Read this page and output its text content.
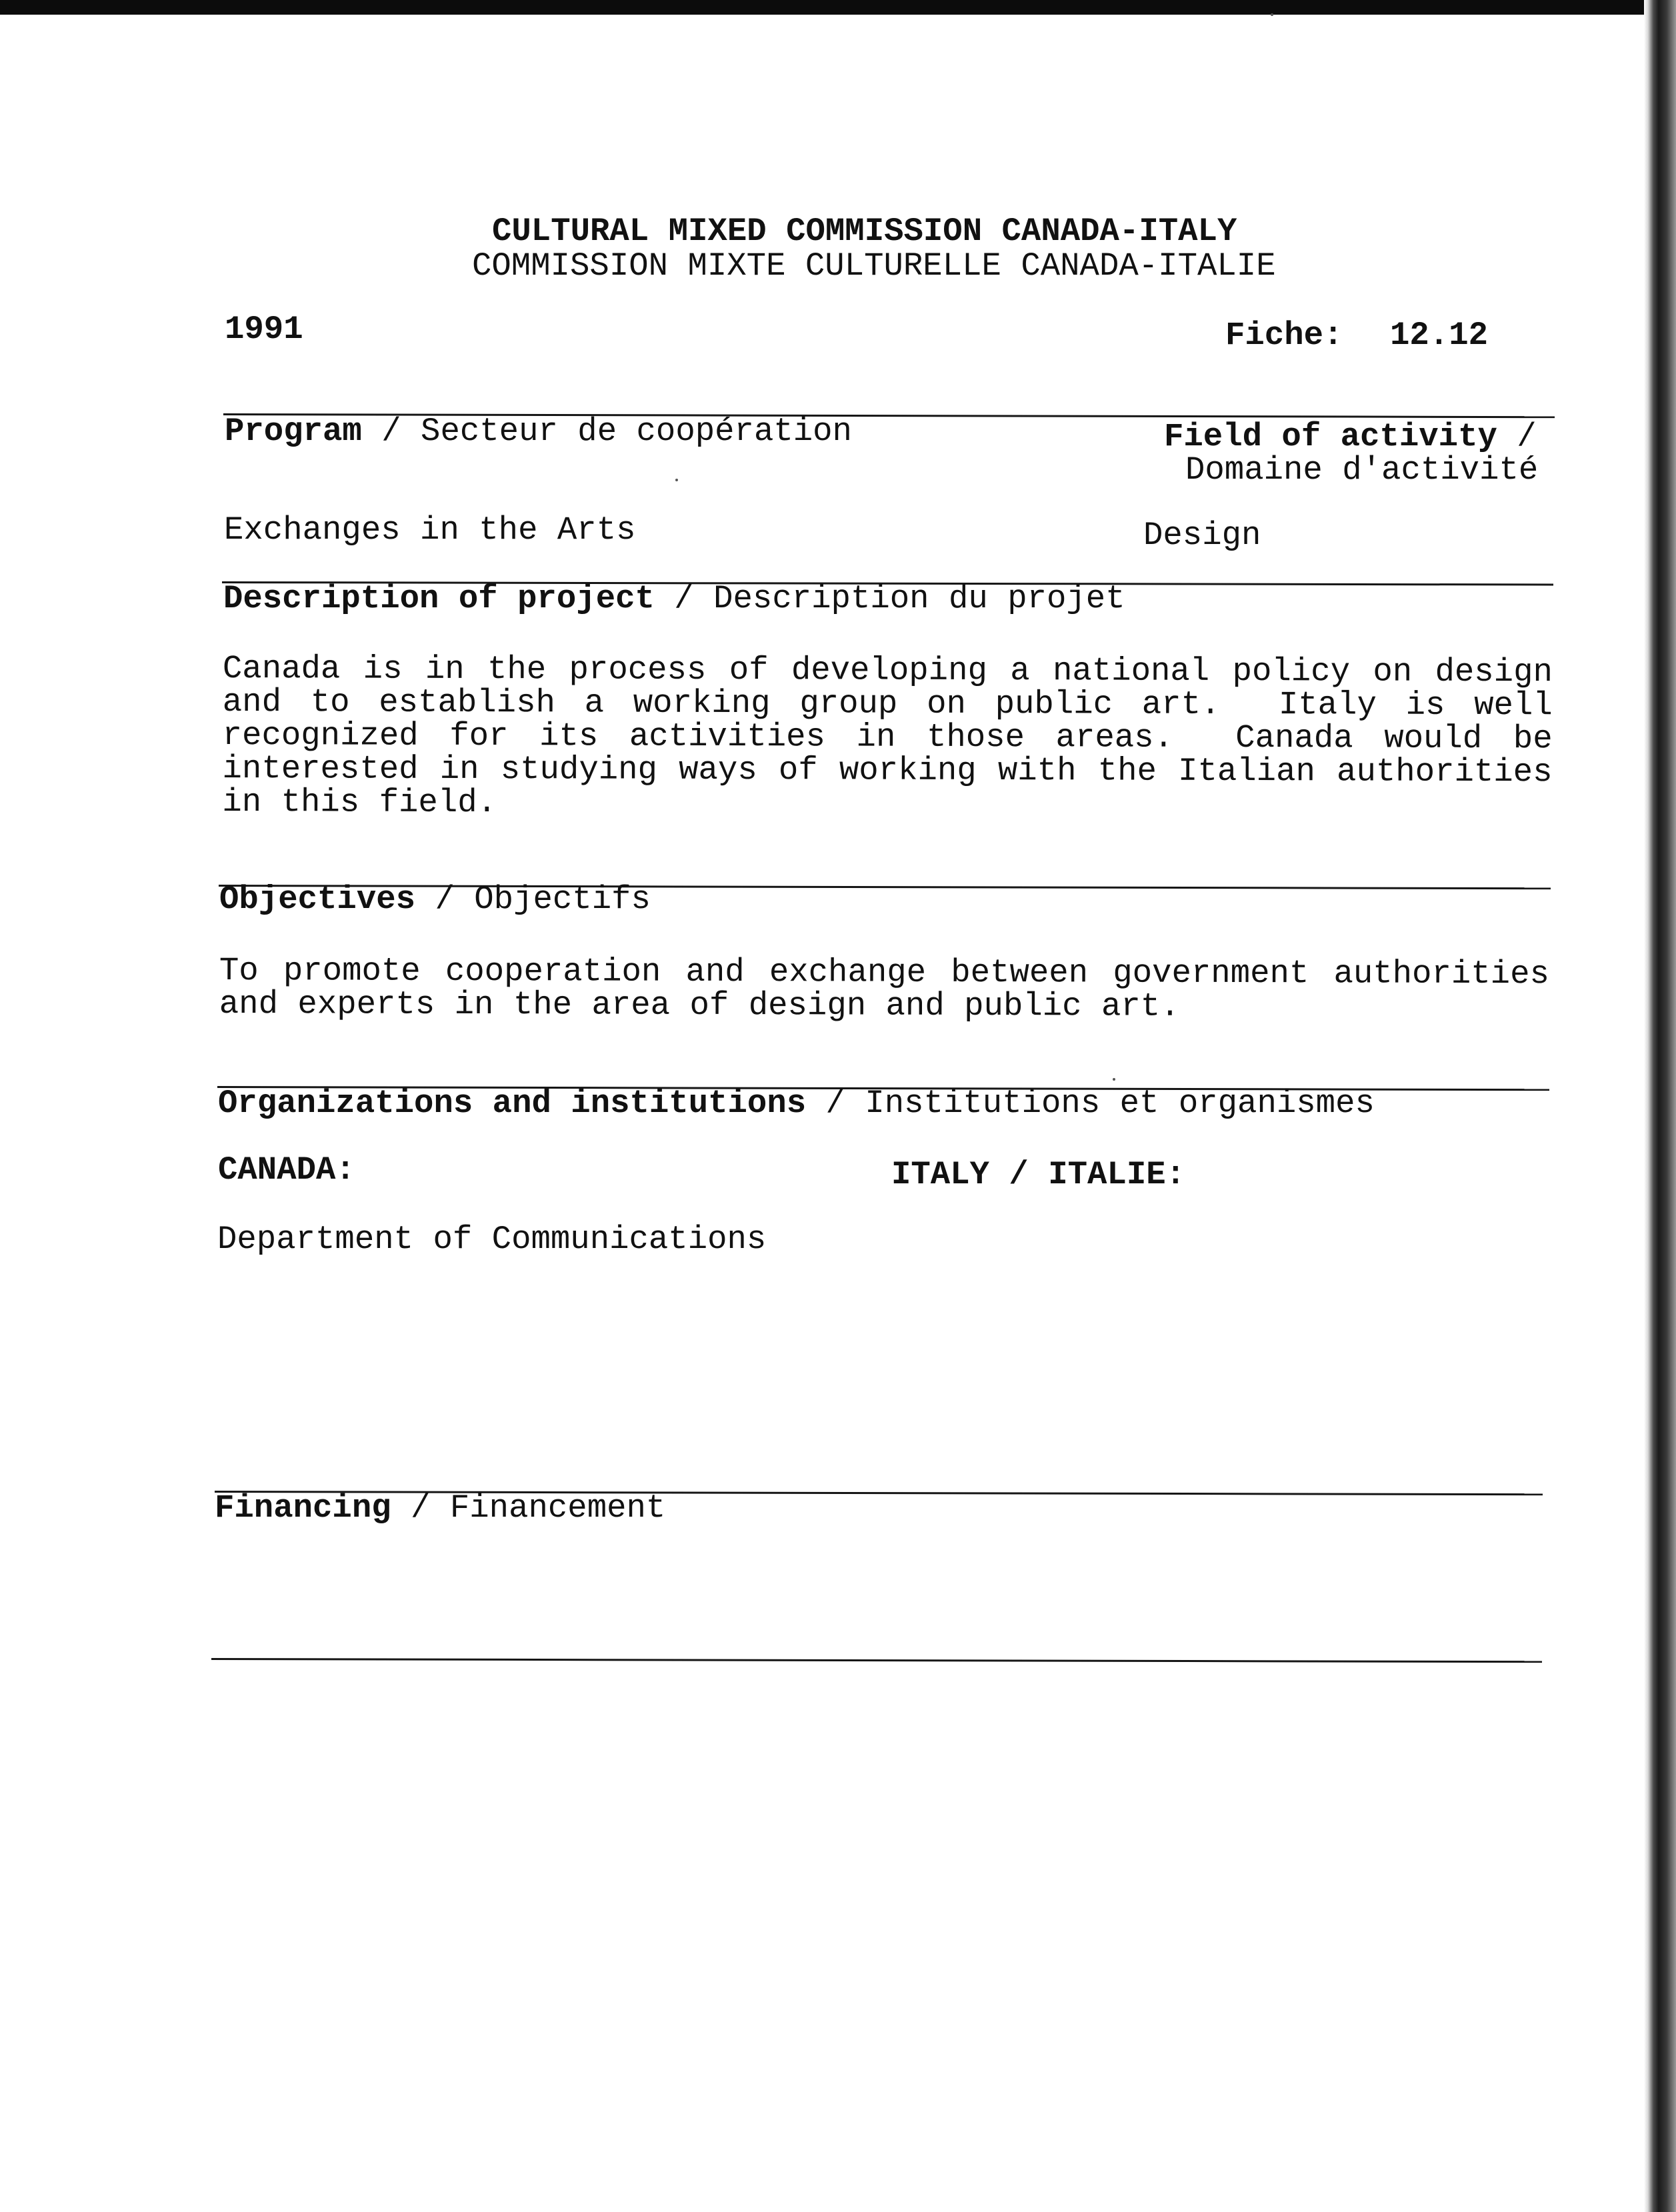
CULTURAL MIXED COMMISSION CANADA-ITALY
COMMISSION MIXTE CULTURELLE CANADA-ITALIE
1991	Fiche: 12.12
Program / Secteur de coopération	Field of activity /
Domaine d'activité
Exchanges in the Arts	Design
Description of project / Description du projet
Canada is in the process of developing a national policy on design
and to establish a working group on public art.  Italy is well
recognized for its activities in those areas.  Canada would be
interested in studying ways of working with the Italian authorities
in this field.
Objectives / Objectifs
To promote cooperation and exchange between government authorities
and experts in the area of design and public art.
Organizations and institutions / Institutions et organismes
CANADA:	ITALY / ITALIE:
Department of Communications
Financing / Financement
